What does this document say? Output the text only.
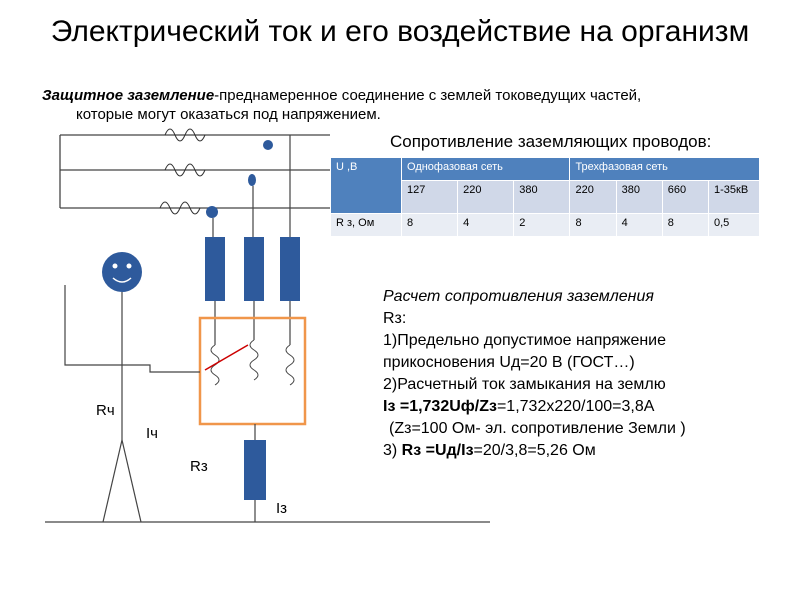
Электрический ток и его воздействие на организм
Защитное заземление-преднамеренное соединение с землей токоведущих частей,
которые могут оказаться под напряжением.
Сопротивление заземляющих проводов:
U ,В	Однофазовая сеть			Трехфазовая сеть			
	127	220	380	220	380	660	1-35кВ
R з, Ом	8	4	2	8	4	8	0,5
Расчет сопротивления заземления
Rз:
1)Предельно допустимое напряжение
прикосновения Uд=20 В (ГОСТ…)
2)Расчетный ток замыкания на землю
Iз =1,732Uф/Zз=1,732х220/100=3,8А
(Zз=100 Ом- эл. сопротивление Земли )
3) Rз =Uд/Iз=20/3,8=5,26 Ом
Rч
Iч
Rз
Iз
